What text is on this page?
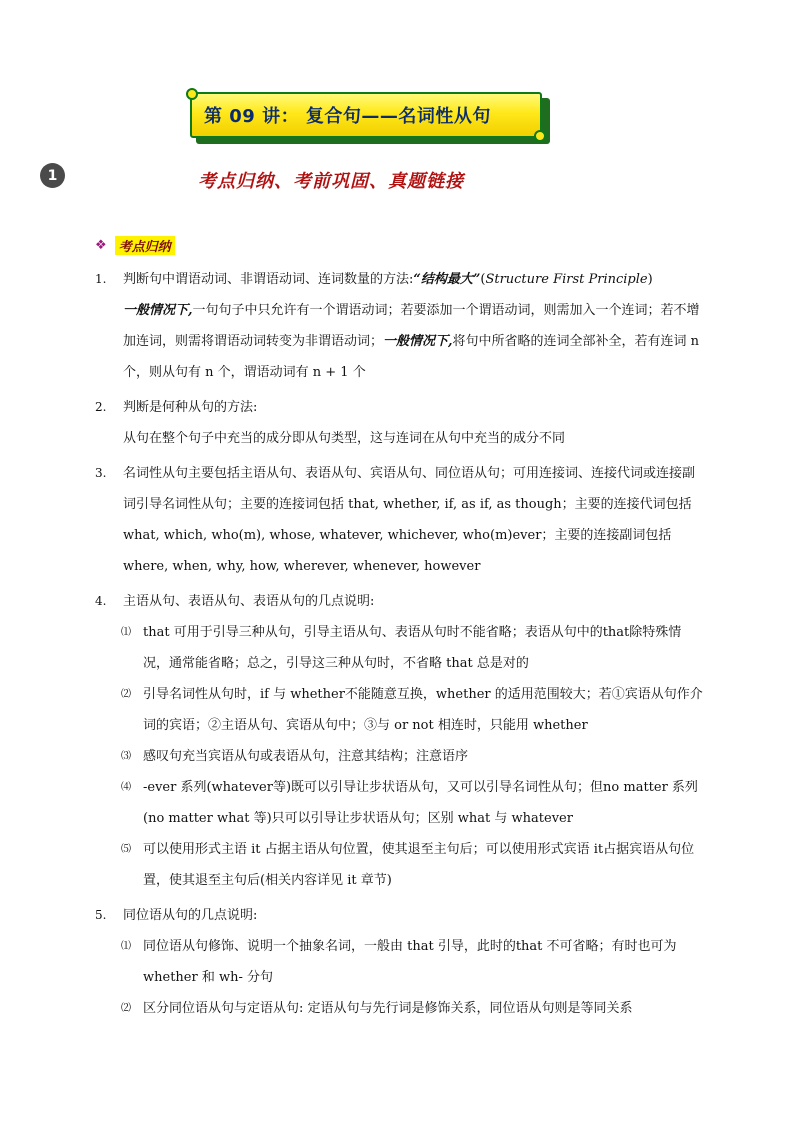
第 09 讲： 复合句——名词性从句
1	考点归纳、考前巩固、真题链接
❖ 考点归纳
1.	判断句中谓语动词、非谓语动词、连词数量的方法:“结构最大”(Structure First Principle)
一般情况下,一句句子中只允许有一个谓语动词；若要添加一个谓语动词，则需加入一个连词；若不增加连词，则需将谓语动词转变为非谓语动词；一般情况下,将句中所省略的连词全部补全，若有连词 n 个，则从句有 n 个，谓语动词有 n + 1 个
2.	判断是何种从句的方法:
从句在整个句子中充当的成分即从句类型，这与连词在从句中充当的成分不同
3.	名词性从句主要包括主语从句、表语从句、宾语从句、同位语从句；可用连接词、连接代词或连接副词引导名词性从句；主要的连接词包括 that, whether, if, as if, as though；主要的连接代词包括 what, which, who(m), whose, whatever, whichever, who(m)ever；主要的连接副词包括 where, when, why, how, wherever, whenever, however
4.	主语从句、表语从句、表语从句的几点说明:
⑴ that 可用于引导三种从句，引导主语从句、表语从句时不能省略；表语从句中的that除特殊情况，通常能省略；总之，引导这三种从句时，不省略 that 总是对的
⑵ 引导名词性从句时，if 与 whether不能随意互换，whether 的适用范围较大；若①宾语从句作介词的宾语；②主语从句、宾语从句中；③与 or not 相连时，只能用 whether
⑶ 感叹句充当宾语从句或表语从句，注意其结构；注意语序
⑷ -ever 系列(whatever等)既可以引导让步状语从句，又可以引导名词性从句；但no matter 系列(no matter what 等)只可以引导让步状语从句；区别 what 与 whatever
⑸ 可以使用形式主语 it 占据主语从句位置，使其退至主句后；可以使用形式宾语 it占据宾语从句位置，使其退至主句后(相关内容详见 it 章节)
5.	同位语从句的几点说明:
⑴ 同位语从句修饰、说明一个抽象名词，一般由 that 引导，此时的that 不可省略；有时也可为 whether 和 wh- 分句
⑵ 区分同位语从句与定语从句: 定语从句与先行词是修饰关系，同位语从句则是等同关系
